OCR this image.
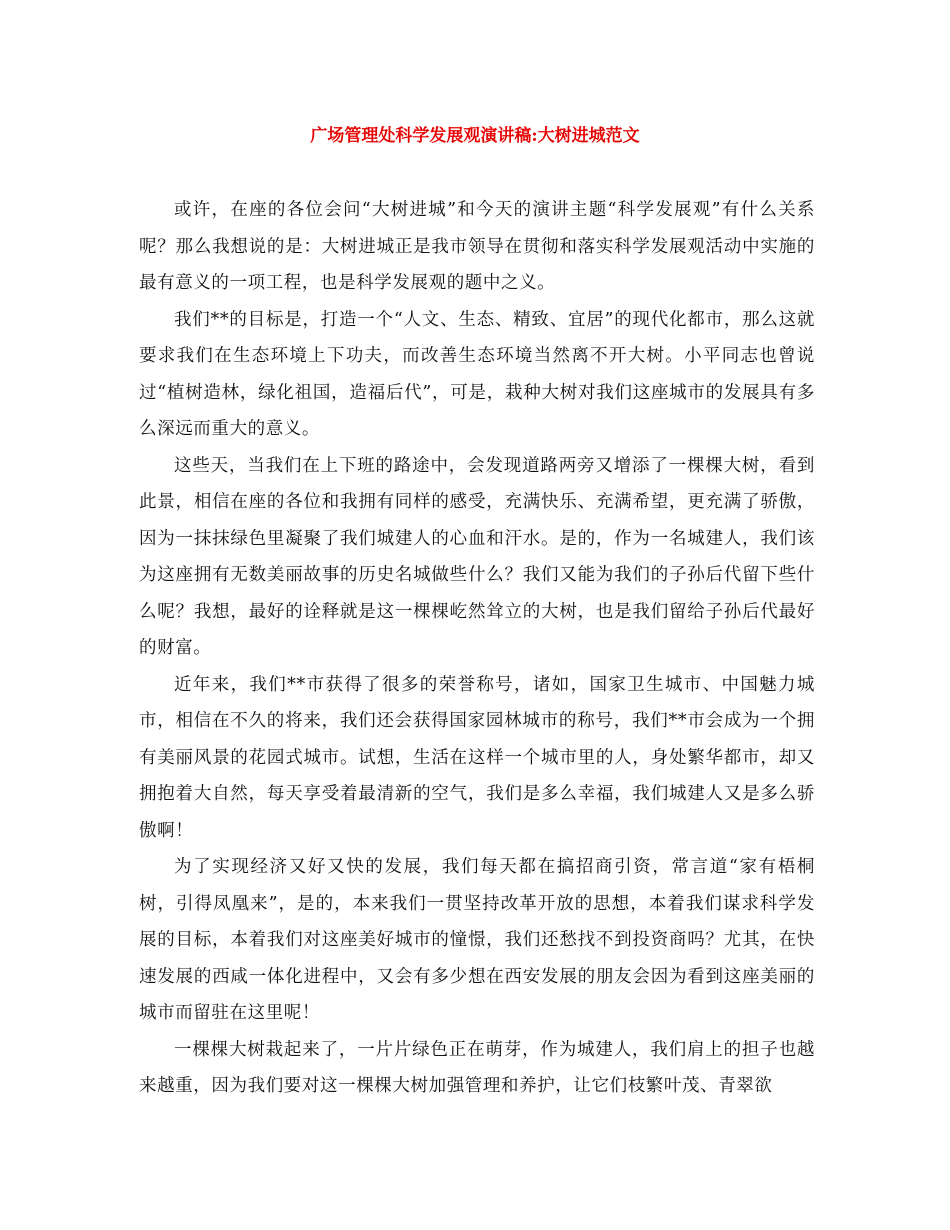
广场管理处科学发展观演讲稿:大树进城范文

或许，在座的各位会问“大树进城”和今天的演讲主题“科学发展观”有什么关系呢？那么我想说的是：大树进城正是我市领导在贯彻和落实科学发展观活动中实施的最有意义的一项工程，也是科学发展观的题中之义。

我们**的目标是，打造一个“人文、生态、精致、宜居”的现代化都市，那么这就要求我们在生态环境上下功夫，而改善生态环境当然离不开大树。小平同志也曾说过“植树造林，绿化祖国，造福后代”，可是，栽种大树对我们这座城市的发展具有多么深远而重大的意义。

这些天，当我们在上下班的路途中，会发现道路两旁又增添了一棵棵大树，看到此景，相信在座的各位和我拥有同样的感受，充满快乐、充满希望，更充满了骄傲，因为一抹抹绿色里凝聚了我们城建人的心血和汗水。是的，作为一名城建人，我们该为这座拥有无数美丽故事的历史名城做些什么？我们又能为我们的子孙后代留下些什么呢？我想，最好的诠释就是这一棵棵屹然耸立的大树，也是我们留给子孙后代最好的财富。

近年来，我们**市获得了很多的荣誉称号，诸如，国家卫生城市、中国魅力城市，相信在不久的将来，我们还会获得国家园林城市的称号，我们**市会成为一个拥有美丽风景的花园式城市。试想，生活在这样一个城市里的人，身处繁华都市，却又拥抱着大自然，每天享受着最清新的空气，我们是多么幸福，我们城建人又是多么骄傲啊！

为了实现经济又好又快的发展，我们每天都在搞招商引资，常言道“家有梧桐树，引得凤凰来”，是的，本来我们一贯坚持改革开放的思想，本着我们谋求科学发展的目标，本着我们对这座美好城市的憧憬，我们还愁找不到投资商吗？尤其，在快速发展的西咸一体化进程中，又会有多少想在西安发展的朋友会因为看到这座美丽的城市而留驻在这里呢！

一棵棵大树栽起来了，一片片绿色正在萌芽，作为城建人，我们肩上的担子也越来越重，因为我们要对这一棵棵大树加强管理和养护，让它们枝繁叶茂、青翠欲
